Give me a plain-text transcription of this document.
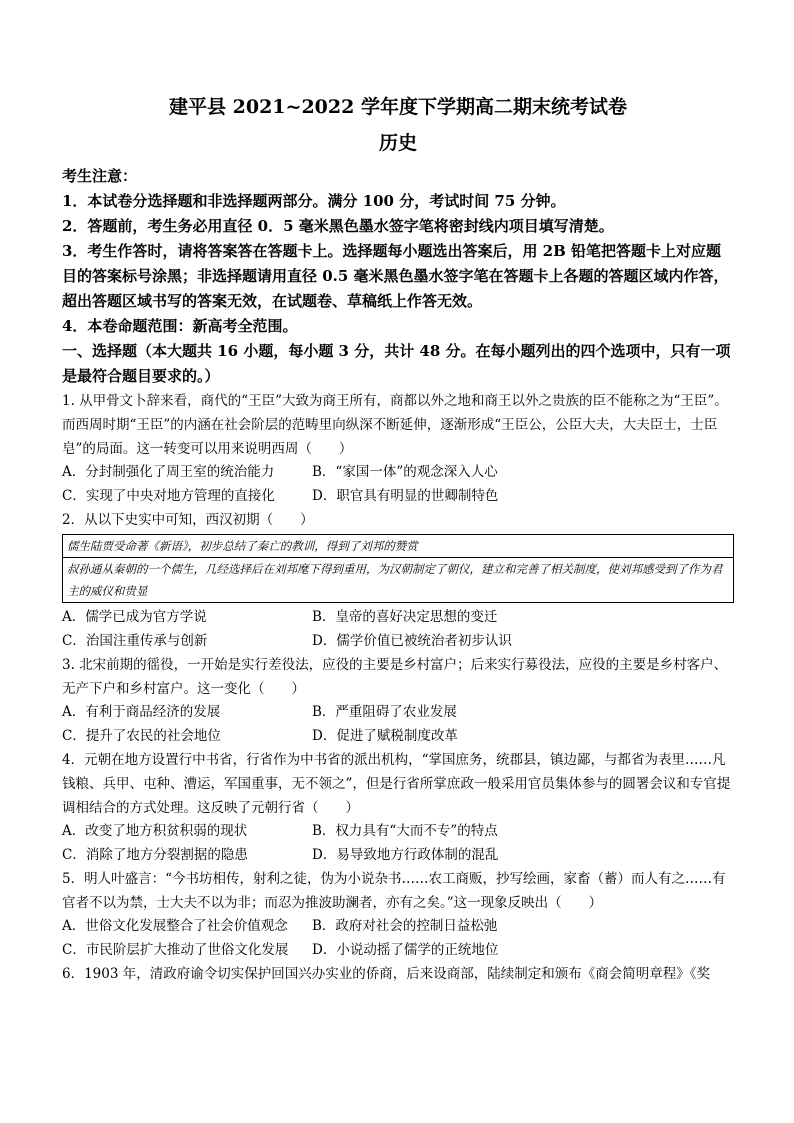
建平县 2021~2022 学年度下学期高二期末统考试卷
历史
考生注意：
1．本试卷分选择题和非选择题两部分。满分 100 分，考试时间 75 分钟。
2．答题前，考生务必用直径 0．5 毫米黑色墨水签字笔将密封线内项目填写清楚。
3．考生作答时，请将答案答在答题卡上。选择题每小题选出答案后，用 2B 铅笔把答题卡上对应题目的答案标号涂黑；非选择题请用直径 0.5 毫米黑色墨水签字笔在答题卡上各题的答题区域内作答，超出答题区域书写的答案无效，在试题卷、草稿纸上作答无效。
4．本卷命题范围：新高考全范围。
一、选择题（本大题共 16 小题，每小题 3 分，共计 48 分。在每小题列出的四个选项中，只有一项是最符合题目要求的。）
1. 从甲骨文卜辞来看，商代的“王臣”大致为商王所有，商都以外之地和商王以外之贵族的臣不能称之为“王臣”。而西周时期“王臣”的内涵在社会阶层的范畴里向纵深不断延伸，逐渐形成“王臣公，公臣大夫，大夫臣士，士臣皂”的局面。这一转变可以用来说明西周（　　）
A．分封制强化了周王室的统治能力	B．“家国一体”的观念深入人心
C．实现了中央对地方管理的直接化	D．职官具有明显的世卿制特色
2．从以下史实中可知，西汉初期（　　）
儒生陆贾受命著《新语》，初步总结了秦亡的教训，得到了刘邦的赞赏
叔孙通从秦朝的一个儒生，几经选择后在刘邦麾下得到重用，为汉朝制定了朝仪，建立和完善了相关制度，使刘邦感受到了作为君主的威仪和贵显
A．儒学已成为官方学说	B．皇帝的喜好决定思想的变迁
C．治国注重传承与创新	D．儒学价值已被统治者初步认识
3. 北宋前期的徭役，一开始是实行差役法，应役的主要是乡村富户；后来实行募役法，应役的主要是乡村客户、无产下户和乡村富户。这一变化（　　）
A．有利于商品经济的发展	B．严重阻碍了农业发展
C．提升了农民的社会地位	D．促进了赋税制度改革
4．元朝在地方设置行中书省，行省作为中书省的派出机构，“掌国庶务，统郡县，镇边鄙，与都省为表里……凡钱粮、兵甲、屯种、漕运，军国重事，无不领之”，但是行省所掌庶政一般采用官员集体参与的圆署会议和专官提调相结合的方式处理。这反映了元朝行省（　　）
A．改变了地方积贫积弱的现状	B．权力具有“大而不专”的特点
C．消除了地方分裂割据的隐患	D．易导致地方行政体制的混乱
5．明人叶盛言：“今书坊相传，射利之徒，伪为小说杂书……农工商贩，抄写绘画，家畜（蓄）而人有之……有官者不以为禁，士大夫不以为非；而忍为推波助澜者，亦有之矣。”这一现象反映出（　　）
A．世俗文化发展整合了社会价值观念	B．政府对社会的控制日益松弛
C．市民阶层扩大推动了世俗文化发展	D．小说动摇了儒学的正统地位
6．1903 年，清政府谕令切实保护回国兴办实业的侨商，后来设商部，陆续制定和颁布《商会简明章程》《奖
